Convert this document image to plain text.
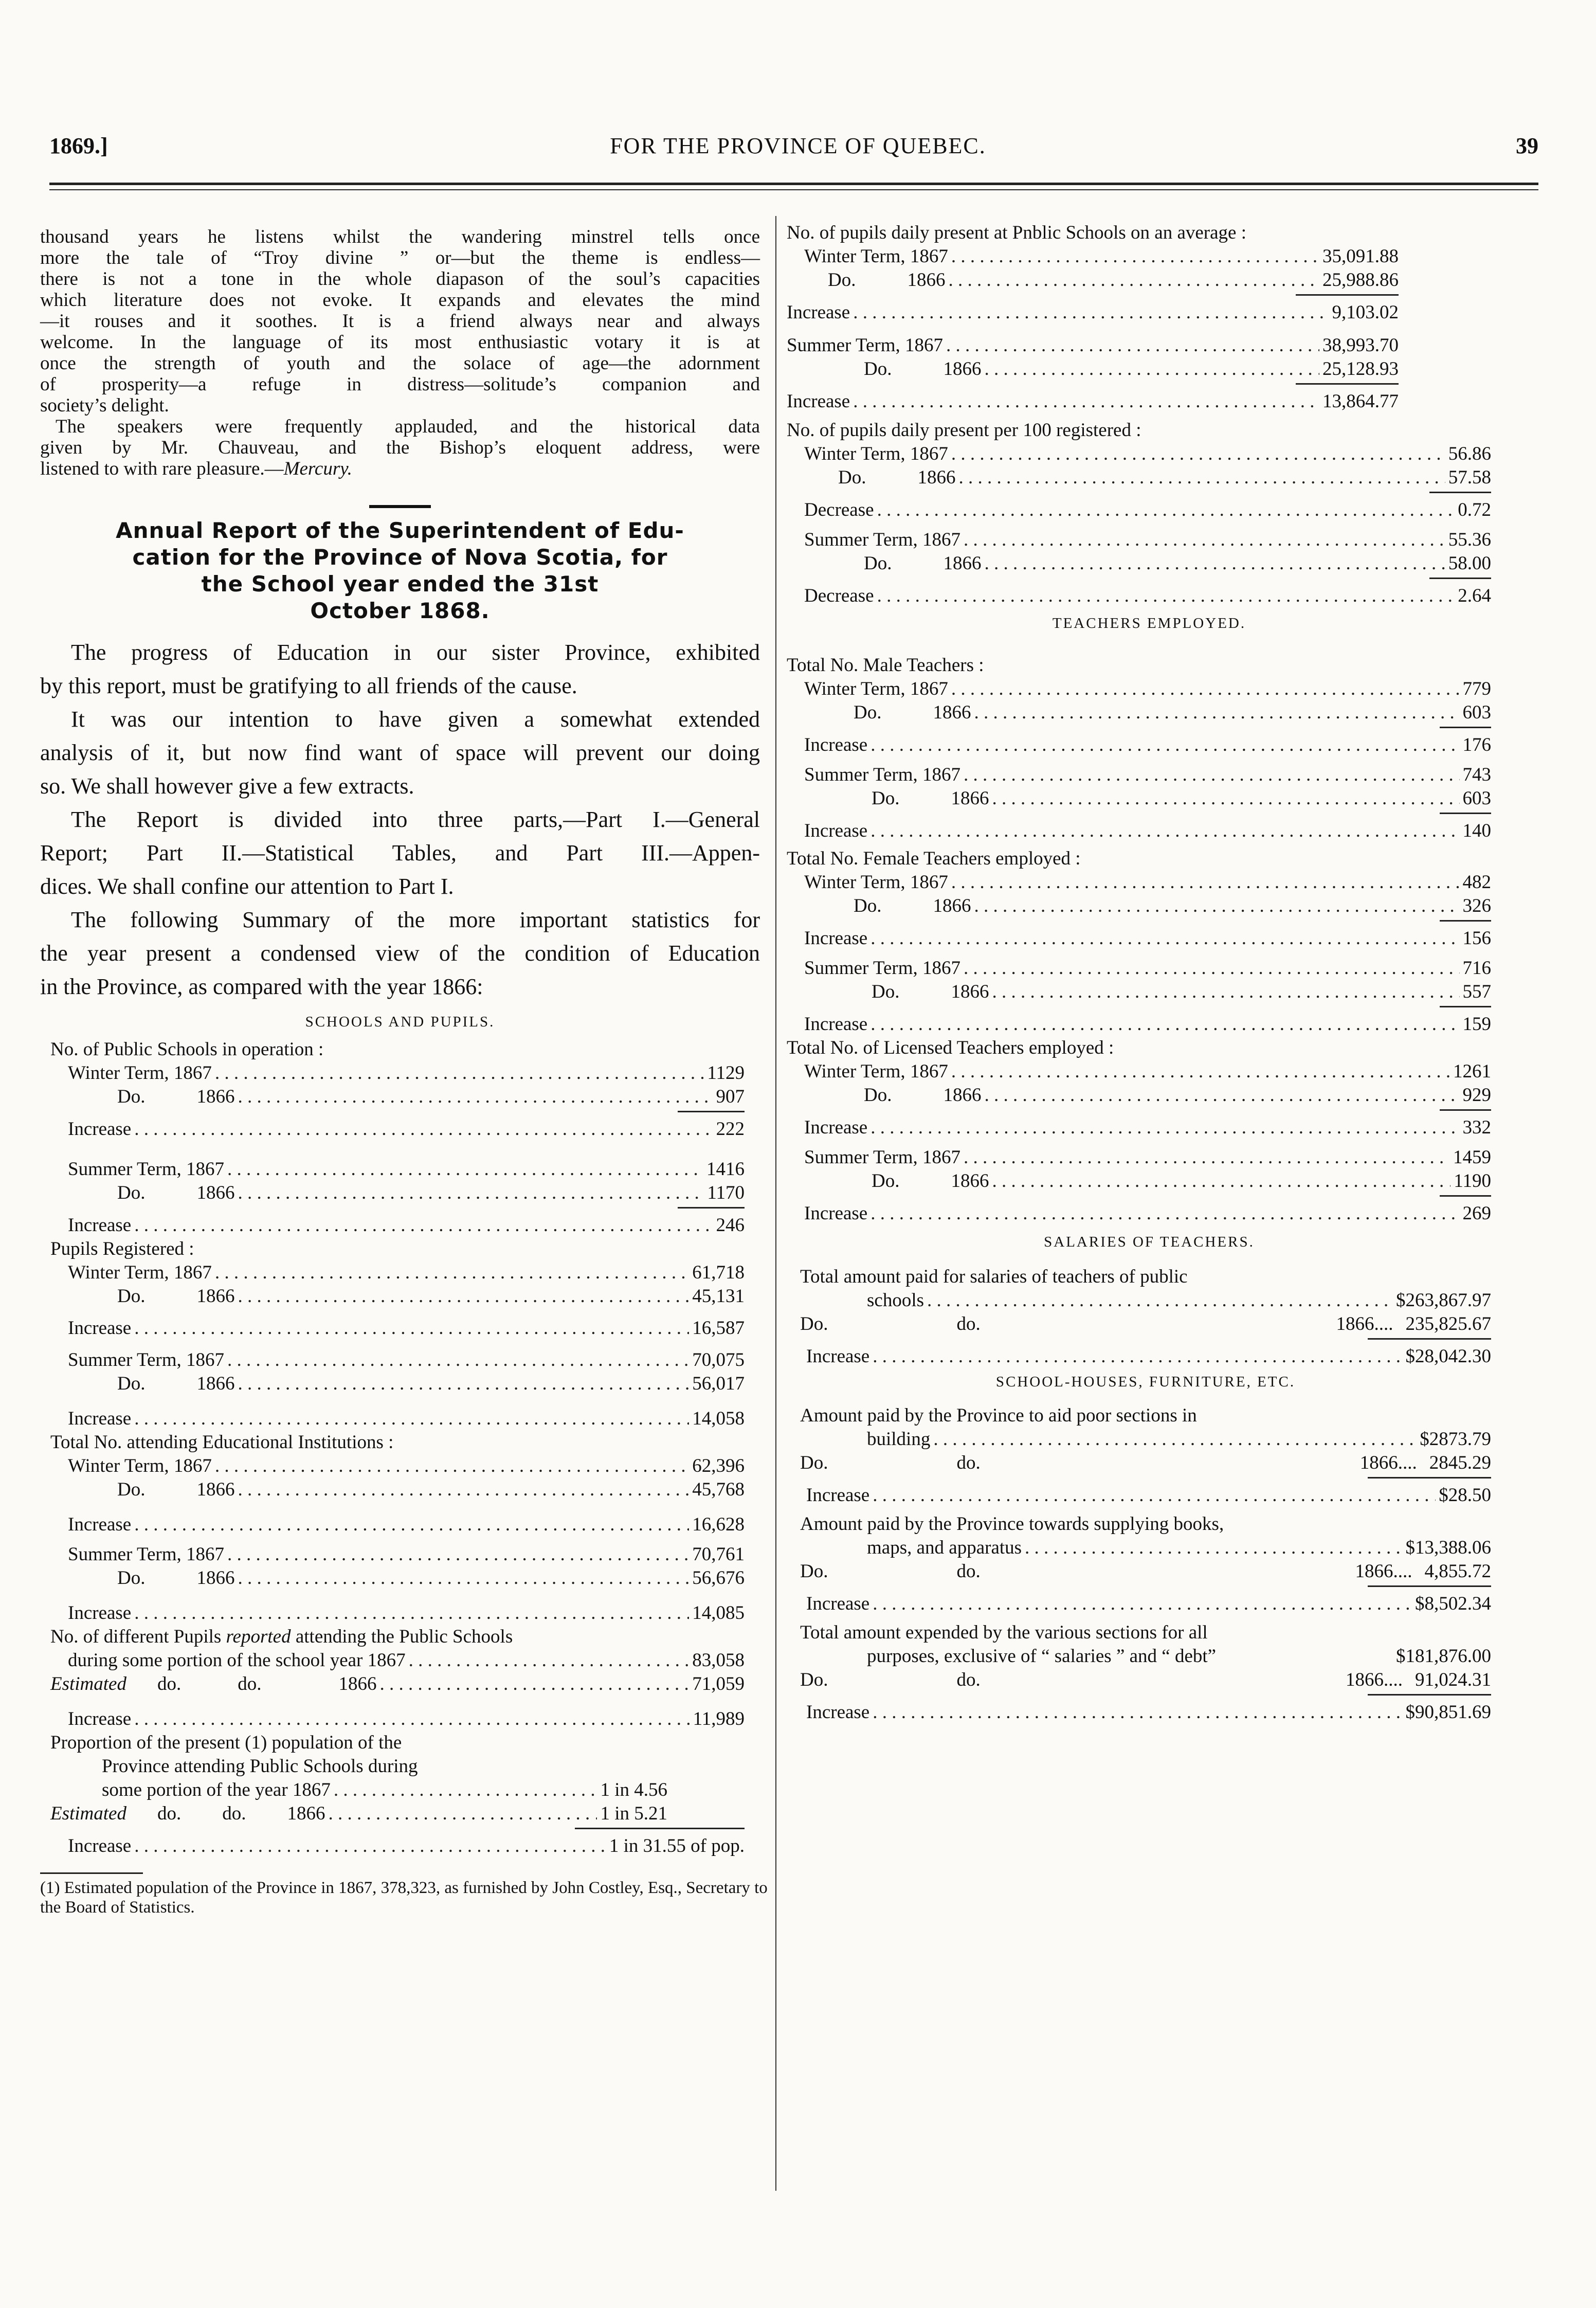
1869.]	FOR THE PROVINCE OF QUEBEC.	39
thousand years he listens whilst the wandering minstrel tells once
more the tale of “Troy divine ” or—but the theme is endless—
there is not a tone in the whole diapason of the soul’s capacities
which literature does not evoke. It expands and elevates the mind
—it rouses and it soothes. It is a friend always near and always
welcome. In the language of its most enthusiastic votary it is at
once the strength of youth and the solace of age—the adornment
of prosperity—a refuge in distress—solitude’s companion and
society’s delight.
The speakers were frequently applauded, and the historical data
given by Mr. Chauveau, and the Bishop’s eloquent address, were
listened to with rare pleasure.—Mercury.
Annual Report of the Superintendent of Edu-
cation for the Province of Nova Scotia, for
the School year ended the 31st
October 1868.
The progress of Education in our sister Province, exhibited
by this report, must be gratifying to all friends of the cause.
It was our intention to have given a somewhat extended
analysis of it, but now find want of space will prevent our doing
so. We shall however give a few extracts.
The Report is divided into three parts,—Part I.—General
Report; Part II.—Statistical Tables, and Part III.—Appen-
dices. We shall confine our attention to Part I.
The following Summary of the more important statistics for
the year present a condensed view of the condition of Education
in the Province, as compared with the year 1866:
SCHOOLS AND PUPILS.
No. of Public Schools in operation :
Winter Term, 1867 . . .	1129
Do.	1866 . . .	907
Increase . . .	222
Summer Term, 1867 . . .	1416
Do.	1866 . . .	1170
Increase . . .	246
Pupils Registered :
Winter Term, 1867 . . .	61,718
Do.	1866 . . .	45,131
Increase . . .	16,587
Summer Term, 1867 . . .	70,075
Do.	1866 . . .	56,017
Increase . . .	14,058
Total No. attending Educational Institutions :
Winter Term, 1867 . . .	62,396
Do.	1866 . . .	45,768
Increase . . .	16,628
Summer Term, 1867 . . .	70,761
Do.	1866 . . .	56,676
Increase . . .	14,085
No. of different Pupils reported attending the Public Schools
during some portion of the school year 1867 . . .	83,058
Estimated do.	do.	1866 . . .	71,059
Increase . . .	11,989
Proportion of the present (1) population of the
Province attending Public Schools during
some portion of the year 1867 . . .	1 in 4.56
Estimated do. do. 1866 . . .	1 in 5.21
Increase . . .	1 in 31.55 of pop.
(1) Estimated population of the Province in 1867, 378,323, as furnished by John Costley, Esq., Secretary to the Board of Statistics.
No. of pupils daily present at Pnblic Schools on an average :
Winter Term, 1867 . . .	35,091.88
Do.	1866 . . .	25,988.86
Increase . . .	9,103.02
Summer Term, 1867 . . .	38,993.70
Do.	1866 . . .	25,128.93
Increase . . .	13,864.77
No. of pupils daily present per 100 registered :
Winter Term, 1867 . . .	56.86
Do.	1866 . . .	57.58
Decrease . . .	0.72
Summer Term, 1867 . . .	55.36
Do.	1866 . . .	58.00
Decrease . . .	2.64
TEACHERS EMPLOYED.
Total No. Male Teachers :
Winter Term, 1867 . . .	779
Do.	1866 . . .	603
Increase . . .	176
Summer Term, 1867 . . .	743
Do.	1866 . . .	603
Increase . . .	140
Total No. Female Teachers employed :
Winter Term, 1867 . . .	482
Do.	1866 . . .	326
Increase . . .	156
Summer Term, 1867 . . .	716
Do.	1866 . . .	557
Increase . . .	159
Total No. of Licensed Teachers employed :
Winter Term, 1867 . . .	1261
Do.	1866 . . .	929
Increase . . .	332
Summer Term, 1867 . . .	1459
Do.	1866 . . .	1190
Increase . . .	269
SALARIES OF TEACHERS.
Total amount paid for salaries of teachers of public
schools . . .	$263,867.97
Do.	do.	1866.... 235,825.67
Increase . . .	$28,042.30
SCHOOL-HOUSES, FURNITURE, ETC.
Amount paid by the Province to aid poor sections in
building . . .	$2873.79
Do.	do.	1866.... 2845.29
Increase . . .	$28.50
Amount paid by the Province towards supplying books,
maps, and apparatus . . .	$13,388.06
Do.	do.	1866.... 4,855.72
Increase . . .	$8,502.34
Total amount expended by the various sections for all
purposes, exclusive of “ salaries ” and “ debt”	$181,876.00
Do.	do.	1866.... 91,024.31
Increase . . .	$90,851.69
